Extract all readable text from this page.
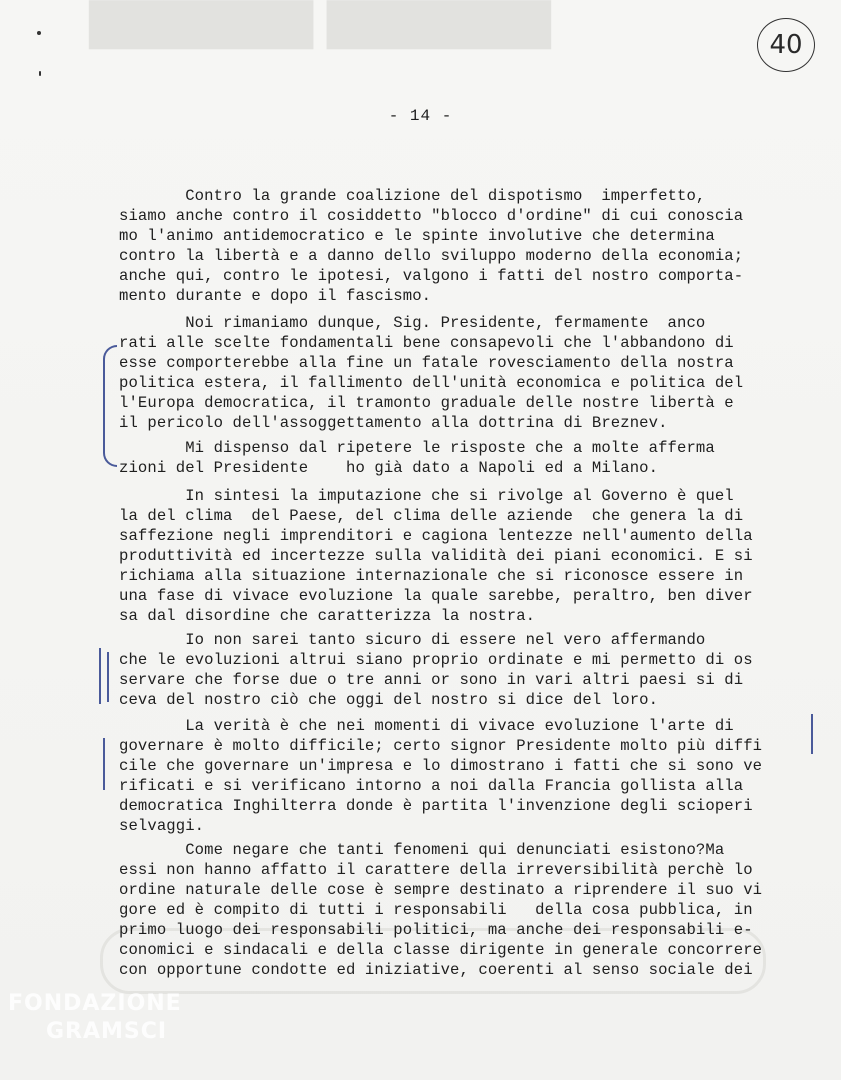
▇▇▇▇▇▇ ▇▇▇▇▇▇	40
- 14 -
Contro la grande coalizione del dispotismo  imperfetto,
siamo anche contro il cosiddetto "blocco d'ordine" di cui conoscia
mo l'animo antidemocratico e le spinte involutive che determina
contro la libertà e a danno dello sviluppo moderno della economia;
anche qui, contro le ipotesi, valgono i fatti del nostro comporta-
mento durante e dopo il fascismo.
Noi rimaniamo dunque, Sig. Presidente, fermamente  anco
rati alle scelte fondamentali bene consapevoli che l'abbandono di
esse comporterebbe alla fine un fatale rovesciamento della nostra
politica estera, il fallimento dell'unità economica e politica del
l'Europa democratica, il tramonto graduale delle nostre libertà e
il pericolo dell'assoggettamento alla dottrina di Breznev.
Mi dispenso dal ripetere le risposte che a molte afferma
zioni del Presidente    ho già dato a Napoli ed a Milano.
In sintesi la imputazione che si rivolge al Governo è quel
la del clima  del Paese, del clima delle aziende  che genera la di
saffezione negli imprenditori e cagiona lentezze nell'aumento della
produttività ed incertezze sulla validità dei piani economici. E si
richiama alla situazione internazionale che si riconosce essere in
una fase di vivace evoluzione la quale sarebbe, peraltro, ben diver
sa dal disordine che caratterizza la nostra.
Io non sarei tanto sicuro di essere nel vero affermando
che le evoluzioni altrui siano proprio ordinate e mi permetto di os
servare che forse due o tre anni or sono in vari altri paesi si di
ceva del nostro ciò che oggi del nostro si dice del loro.
La verità è che nei momenti di vivace evoluzione l'arte di
governare è molto difficile; certo signor Presidente molto più diffi
cile che governare un'impresa e lo dimostrano i fatti che si sono ve
rificati e si verificano intorno a noi dalla Francia gollista alla
democratica Inghilterra donde è partita l'invenzione degli scioperi
selvaggi.
Come negare che tanti fenomeni qui denunciati esistono?Ma
essi non hanno affatto il carattere della irreversibilità perchè lo
ordine naturale delle cose è sempre destinato a riprendere il suo vi
gore ed è compito di tutti i responsabili   della cosa pubblica, in
primo luogo dei responsabili politici, ma anche dei responsabili e-
conomici e sindacali e della classe dirigente in generale concorrere
con opportune condotte ed iniziative, coerenti al senso sociale dei
FONDAZIONE
GRAMSCI
